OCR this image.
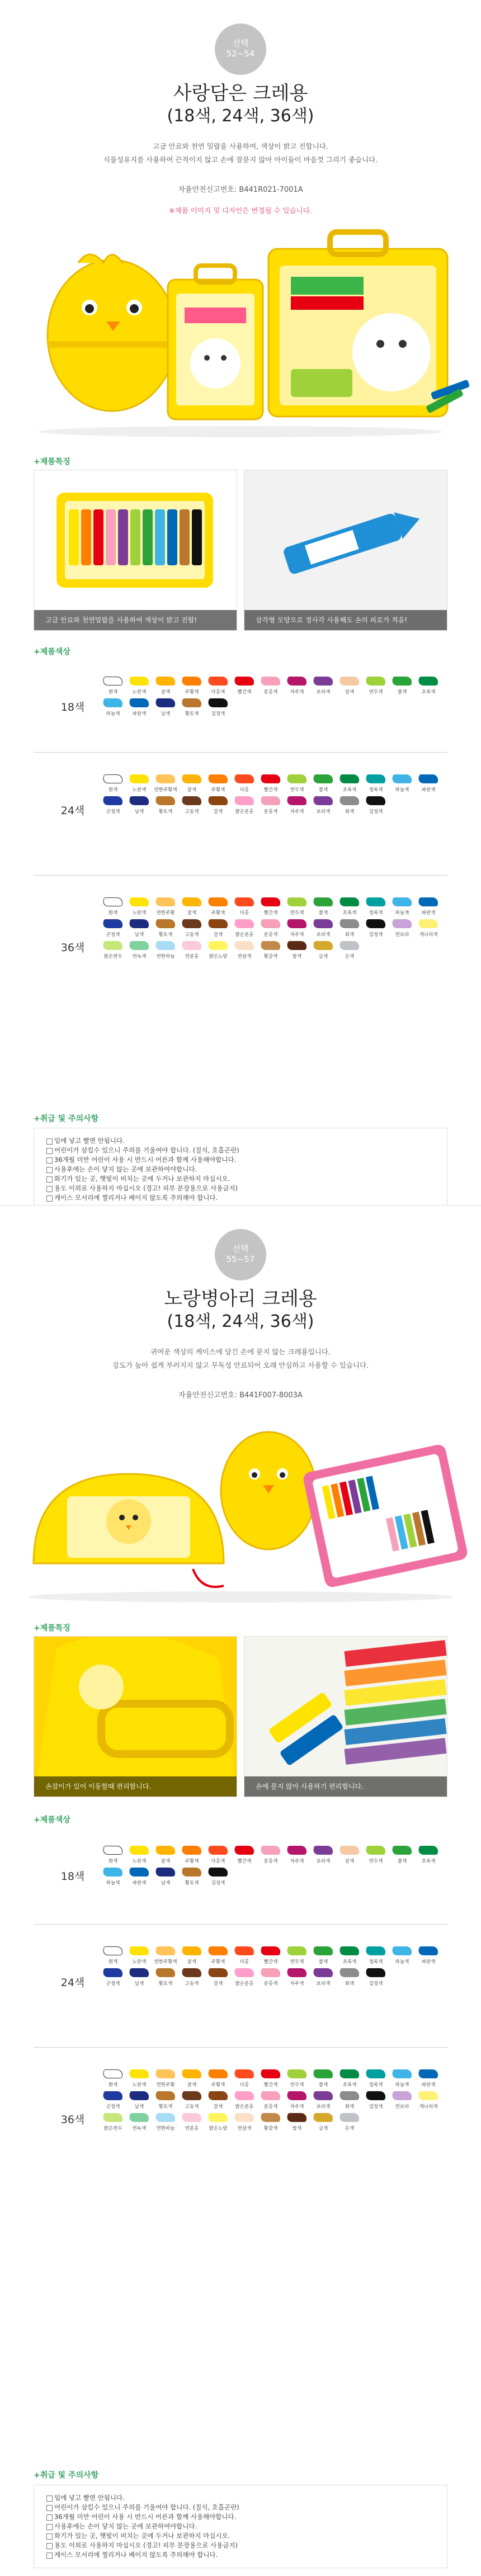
선택
52~54
사랑담은 크레용
(18색, 24색, 36색)
고급 안료와 천연 밀랍을 사용하여, 색상이 밝고 진합니다.
식물성유지를 사용하여 끈적이지 않고 손에 잘묻지 않아 아이들이 마음껏 그리기 좋습니다.
자율안전신고번호: B441R021-7001A
※제품 이미지 및 디자인은 변경될 수 있습니다.
+제품특징
고급 안료와 천연밀랍을 사용하여 색상이 밝고 진함!	삼각형 모양으로 정사각 사용해도 손의 피로가 적음!
+제품색상
18색
흰색	노란색	귤색	주황색	다홍색	빨간색	분홍색	자주색	보라색	살색	연두색	풀색	초록색
하늘색	파란색	남색	황토색	검정색
24색
흰색	노란색	연한주황색	귤색	주황색	다홍	빨간색	연두색	풀색	초록색	청록색	하늘색	파란색
군청색	남색	황토색	고동색	갈색	밝은분홍	분홍색	자주색	보라색	회색	검정색
36색
흰색	노란색	연한주황	귤색	주황색	다홍	빨간색	연두색	풀색	초록색	청록색	하늘색	파란색
군청색	남색	황토색	고동색	갈색	밝은분홍	분홍색	자주색	보라색	회색	검정색	연보라	개나리색
밝은연두	연녹색	연한하늘	연분홍	밝은노랑	연살색	황갈색	밤색	금색	은색
+취급 및 주의사항
입에 넣고 빨면 안됩니다.
어린이가 삼킬수 있으니 주의를 기울여야 합니다. (질식, 호흡곤란)
36개월 미만 어린이 사용 시 반드시 어른과 함께 사용해야합니다.
사용후에는 손이 닿지 않는 곳에 보관하여야합니다.
화기가 있는 곳, 햇빛이 비치는 곳에 두거나 보관하지 마십시오.
용도 이외로 사용하지 마십시오 (경고! 피부 분장용으로 사용금지)
케이스 모서리에 찔리거나 베이지 않도록 주의해야 합니다.
선택
55~57
노랑병아리 크레용
(18색, 24색, 36색)
귀여운 색상의 케이스에 담긴 손에 묻지 않는 크레용입니다.
강도가 높아 쉽게 부러지지 않고 무독성 안료되어 오래 안심하고 사용할 수 있습니다.
자율안전신고번호: B441F007-8003A
+제품특징
손잡이가 있어 이동할때 편리합니다.	손에 묻지 않아 사용하기 편리합니다.
+제품색상
18색
흰색	노란색	귤색	주황색	다홍색	빨간색	분홍색	자주색	보라색	살색	연두색	풀색	초록색
하늘색	파란색	남색	황토색	검정색
24색
흰색	노란색	연한주황색	귤색	주황색	다홍	빨간색	연두색	풀색	초록색	청록색	하늘색	파란색
군청색	남색	황토색	고동색	갈색	밝은분홍	분홍색	자주색	보라색	회색	검정색
36색
흰색	노란색	연한주황	귤색	주황색	다홍	빨간색	연두색	풀색	초록색	청록색	하늘색	파란색
군청색	남색	황토색	고동색	갈색	밝은분홍	분홍색	자주색	보라색	회색	검정색	연보라	개나리색
밝은연두	연녹색	연한하늘	연분홍	밝은노랑	연살색	황갈색	밤색	금색	은색
+취급 및 주의사항
입에 넣고 빨면 안됩니다.
어린이가 삼킬수 있으니 주의를 기울여야 합니다. (질식, 호흡곤란)
36개월 미만 어린이 사용 시 반드시 어른과 함께 사용해야합니다.
사용후에는 손이 닿지 않는 곳에 보관하여야합니다.
화기가 있는 곳, 햇빛이 비치는 곳에 두거나 보관하지 마십시오.
용도 이외로 사용하지 마십시오 (경고! 피부 분장용으로 사용금지)
케이스 모서리에 찔리거나 베이지 않도록 주의해야 합니다.
